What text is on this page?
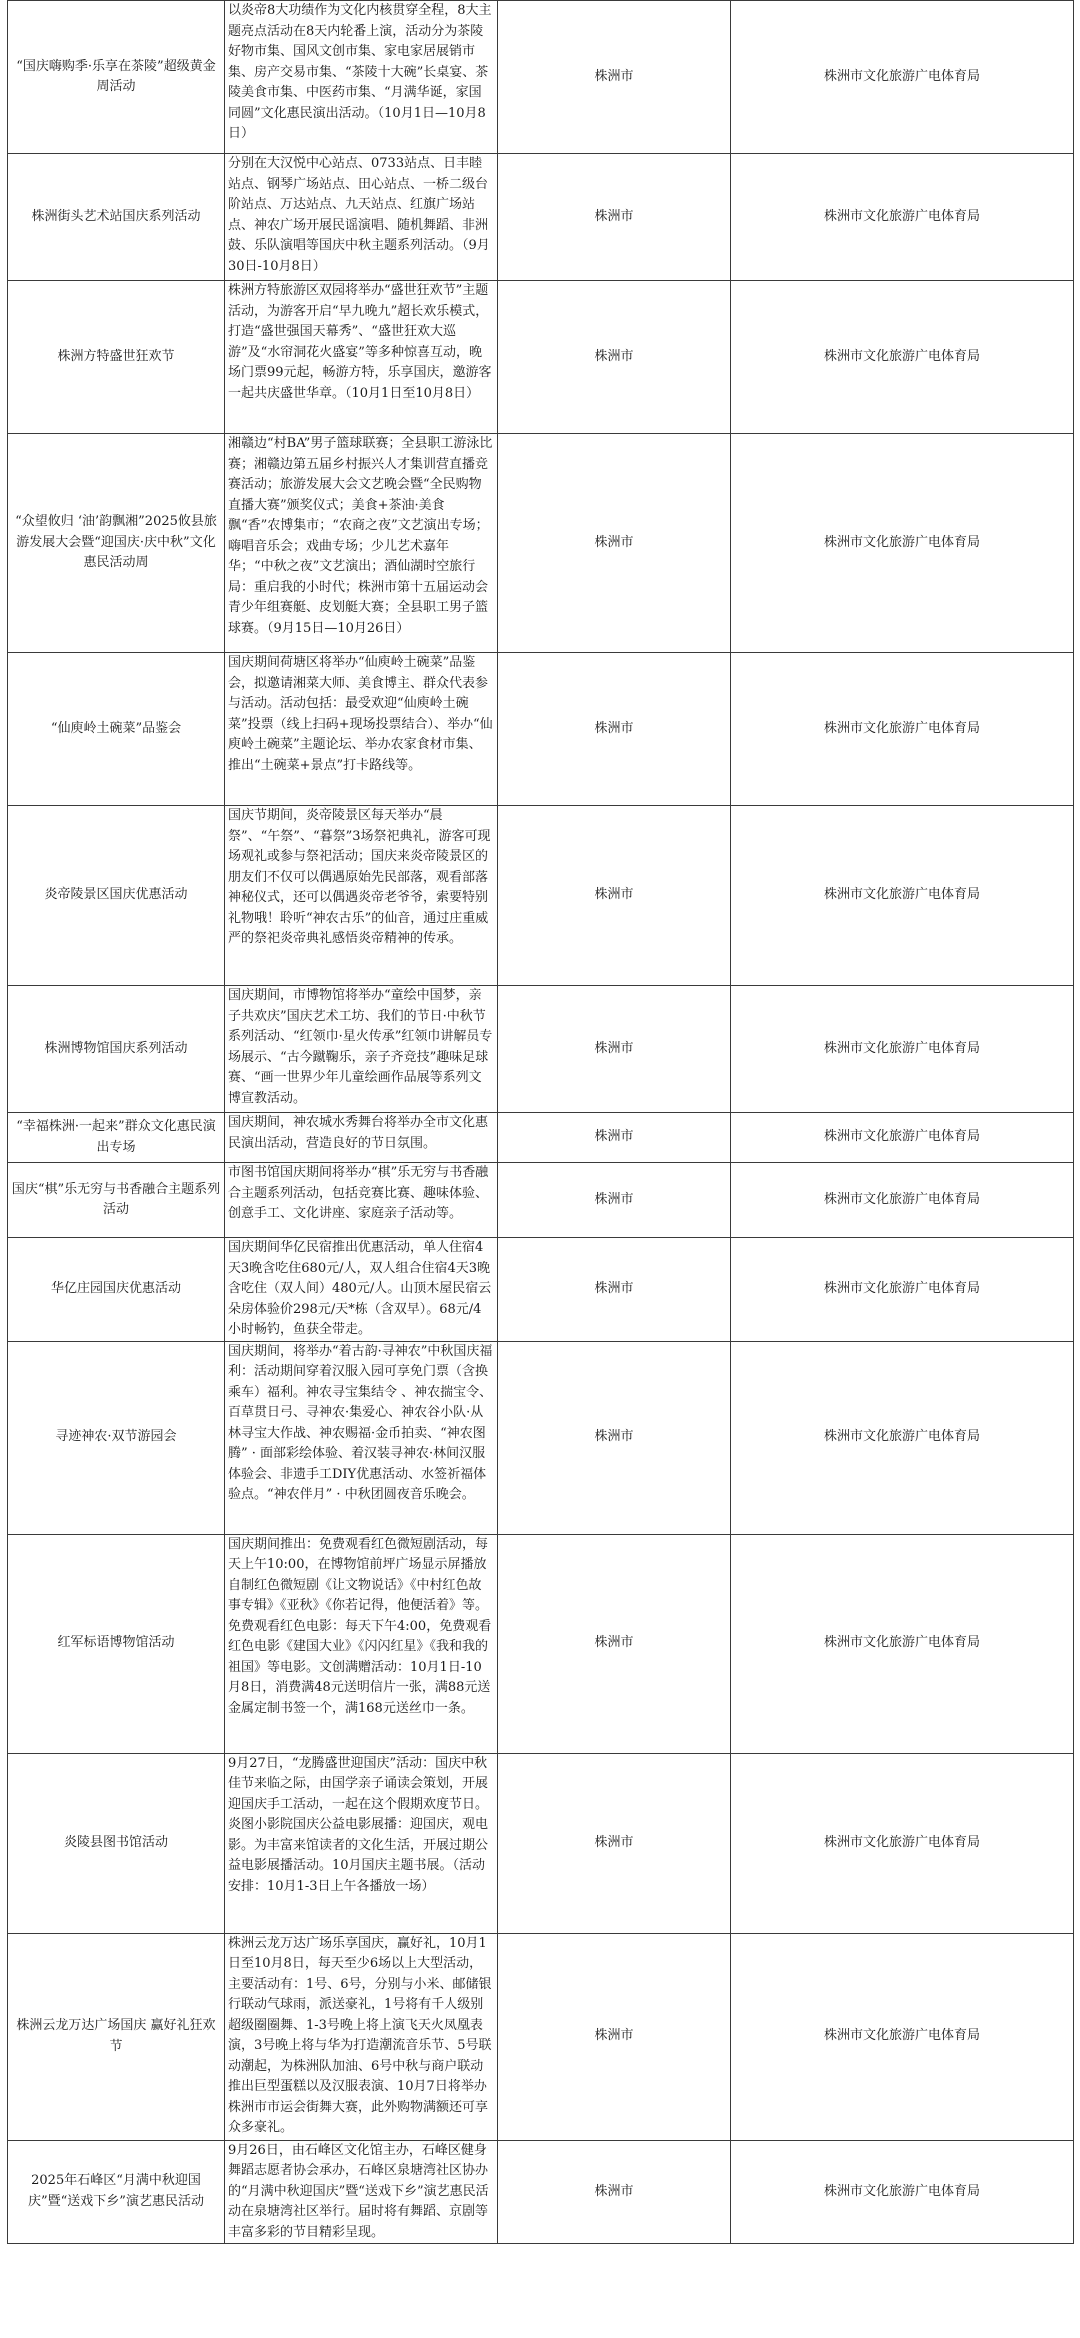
“国庆嗨购季·乐享在茶陵”超级黄金周活动	以炎帝8大功绩作为文化内核贯穿全程，8大主题亮点活动在8天内轮番上演，活动分为茶陵好物市集、国风文创市集、家电家居展销市集、房产交易市集、“茶陵十大碗”长桌宴、茶陵美食市集、中医药市集、“月满华诞，家国同圆”文化惠民演出活动。（10月1日—10月8日）	株洲市	株洲市文化旅游广电体育局
株洲街头艺术站国庆系列活动	分别在大汉悦中心站点、0733站点、日丰睦站点、钢琴广场站点、田心站点、一桥二级台阶站点、万达站点、九天站点、红旗广场站点、神农广场开展民谣演唱、随机舞蹈、非洲鼓、乐队演唱等国庆中秋主题系列活动。（9月30日-10月8日）	株洲市	株洲市文化旅游广电体育局
株洲方特盛世狂欢节	株洲方特旅游区双园将举办“盛世狂欢节”主题活动，为游客开启“早九晚九”超长欢乐模式，打造“盛世强国天幕秀”、“盛世狂欢大巡游”及“水帘洞花火盛宴”等多种惊喜互动，晚场门票99元起，畅游方特，乐享国庆，邀游客一起共庆盛世华章。（10月1日至10月8日）	株洲市	株洲市文化旅游广电体育局
“众望攸归 ‘油’韵飘湘”2025攸县旅游发展大会暨“迎国庆·庆中秋”文化惠民活动周	湘赣边“村BA”男子篮球联赛；全县职工游泳比赛；湘赣边第五届乡村振兴人才集训营直播竞赛活动；旅游发展大会文艺晚会暨“全民购物 直播大赛”颁奖仪式；美食+茶油·美食飘“香”农博集市；“农商之夜”文艺演出专场；嗨唱音乐会；戏曲专场；少儿艺术嘉年华；“中秋之夜”文艺演出；酒仙湖时空旅行局：重启我的小时代；株洲市第十五届运动会青少年组赛艇、皮划艇大赛；全县职工男子篮球赛。（9月15日—10月26日）	株洲市	株洲市文化旅游广电体育局
“仙庾岭土碗菜”品鉴会	国庆期间荷塘区将举办“仙庾岭土碗菜”品鉴会，拟邀请湘菜大师、美食博主、群众代表参与活动。活动包括：最受欢迎“仙庾岭土碗菜”投票（线上扫码+现场投票结合）、举办“仙庾岭土碗菜”主题论坛、举办农家食材市集、推出“土碗菜+景点”打卡路线等。	株洲市	株洲市文化旅游广电体育局
炎帝陵景区国庆优惠活动	国庆节期间，炎帝陵景区每天举办“晨祭”、“午祭”、“暮祭”3场祭祀典礼，游客可现场观礼或参与祭祀活动；国庆来炎帝陵景区的朋友们不仅可以偶遇原始先民部落，观看部落神秘仪式，还可以偶遇炎帝老爷爷，索要特别礼物哦！聆听“神农古乐”的仙音，通过庄重威严的祭祀炎帝典礼感悟炎帝精神的传承。	株洲市	株洲市文化旅游广电体育局
株洲博物馆国庆系列活动	国庆期间，市博物馆将举办“童绘中国梦，亲子共欢庆”国庆艺术工坊、我们的节日·中秋节系列活动、“红领巾·星火传承”红领巾讲解员专场展示、“古今蹴鞠乐，亲子齐竞技”趣味足球赛、“画一世界少年儿童绘画作品展等系列文博宣教活动。	株洲市	株洲市文化旅游广电体育局
“幸福株洲·一起来”群众文化惠民演出专场	国庆期间，神农城水秀舞台将举办全市文化惠民演出活动，营造良好的节日氛围。	株洲市	株洲市文化旅游广电体育局
国庆“棋”乐无穷与书香融合主题系列活动	市图书馆国庆期间将举办“棋”乐无穷与书香融合主题系列活动，包括竞赛比赛、趣味体验、创意手工、文化讲座、家庭亲子活动等。	株洲市	株洲市文化旅游广电体育局
华亿庄园国庆优惠活动	国庆期间华亿民宿推出优惠活动，单人住宿4天3晚含吃住680元/人，双人组合住宿4天3晚含吃住（双人间）480元/人。山顶木屋民宿云朵房体验价298元/天*栋（含双早）。68元/4小时畅钓，鱼获全带走。	株洲市	株洲市文化旅游广电体育局
寻迹神农·双节游园会	国庆期间，将举办“着古韵·寻神农”中秋国庆福利：活动期间穿着汉服入园可享免门票（含换乘车）福利。神农寻宝集结令 、神农揣宝令、百草贯日弓、寻神农·集爱心、神农谷小队·从林寻宝大作战、神农赐福·金币拍卖、“神农图腾” · 面部彩绘体验、着汉装寻神农·林间汉服体验会、非遗手工DIY优惠活动、水签祈福体验点。“神农伴月” · 中秋团圆夜音乐晚会。	株洲市	株洲市文化旅游广电体育局
红军标语博物馆活动	国庆期间推出：免费观看红色微短剧活动，每天上午10:00，在博物馆前坪广场显示屏播放自制红色微短剧《让文物说话》《中村红色故事专辑》《亚秋》《你若记得，他便活着》等。免费观看红色电影：每天下午4:00，免费观看红色电影《建国大业》《闪闪红星》《我和我的祖国》等电影。文创满赠活动：10月1日-10月8日，消费满48元送明信片一张，满88元送金属定制书签一个，满168元送丝巾一条。	株洲市	株洲市文化旅游广电体育局
炎陵县图书馆活动	9月27日，“龙腾盛世迎国庆”活动：国庆中秋佳节来临之际，由国学亲子诵读会策划，开展迎国庆手工活动，一起在这个假期欢度节日。炎图小影院国庆公益电影展播：迎国庆，观电影。为丰富来馆读者的文化生活，开展过期公益电影展播活动。10月国庆主题书展。（活动安排：10月1-3日上午各播放一场）	株洲市	株洲市文化旅游广电体育局
株洲云龙万达广场国庆 赢好礼狂欢节	株洲云龙万达广场乐享国庆，赢好礼，10月1日至10月8日，每天至少6场以上大型活动，主要活动有：1号、6号，分别与小米、邮储银行联动气球雨，派送豪礼，1号将有千人级别超级圈圈舞、1-3号晚上将上演飞天火凤凰表演，3号晚上将与华为打造潮流音乐节、5号联动潮起，为株洲队加油、6号中秋与商户联动推出巨型蛋糕以及汉服表演、10月7日将举办株洲市市运会街舞大赛，此外购物满额还可享众多豪礼。	株洲市	株洲市文化旅游广电体育局
2025年石峰区“月满中秋迎国庆”暨“送戏下乡”演艺惠民活动	9月26日，由石峰区文化馆主办，石峰区健身舞蹈志愿者协会承办，石峰区泉塘湾社区协办的“月满中秋迎国庆”暨“送戏下乡”演艺惠民活动在泉塘湾社区举行。届时将有舞蹈、京剧等丰富多彩的节目精彩呈现。	株洲市	株洲市文化旅游广电体育局
